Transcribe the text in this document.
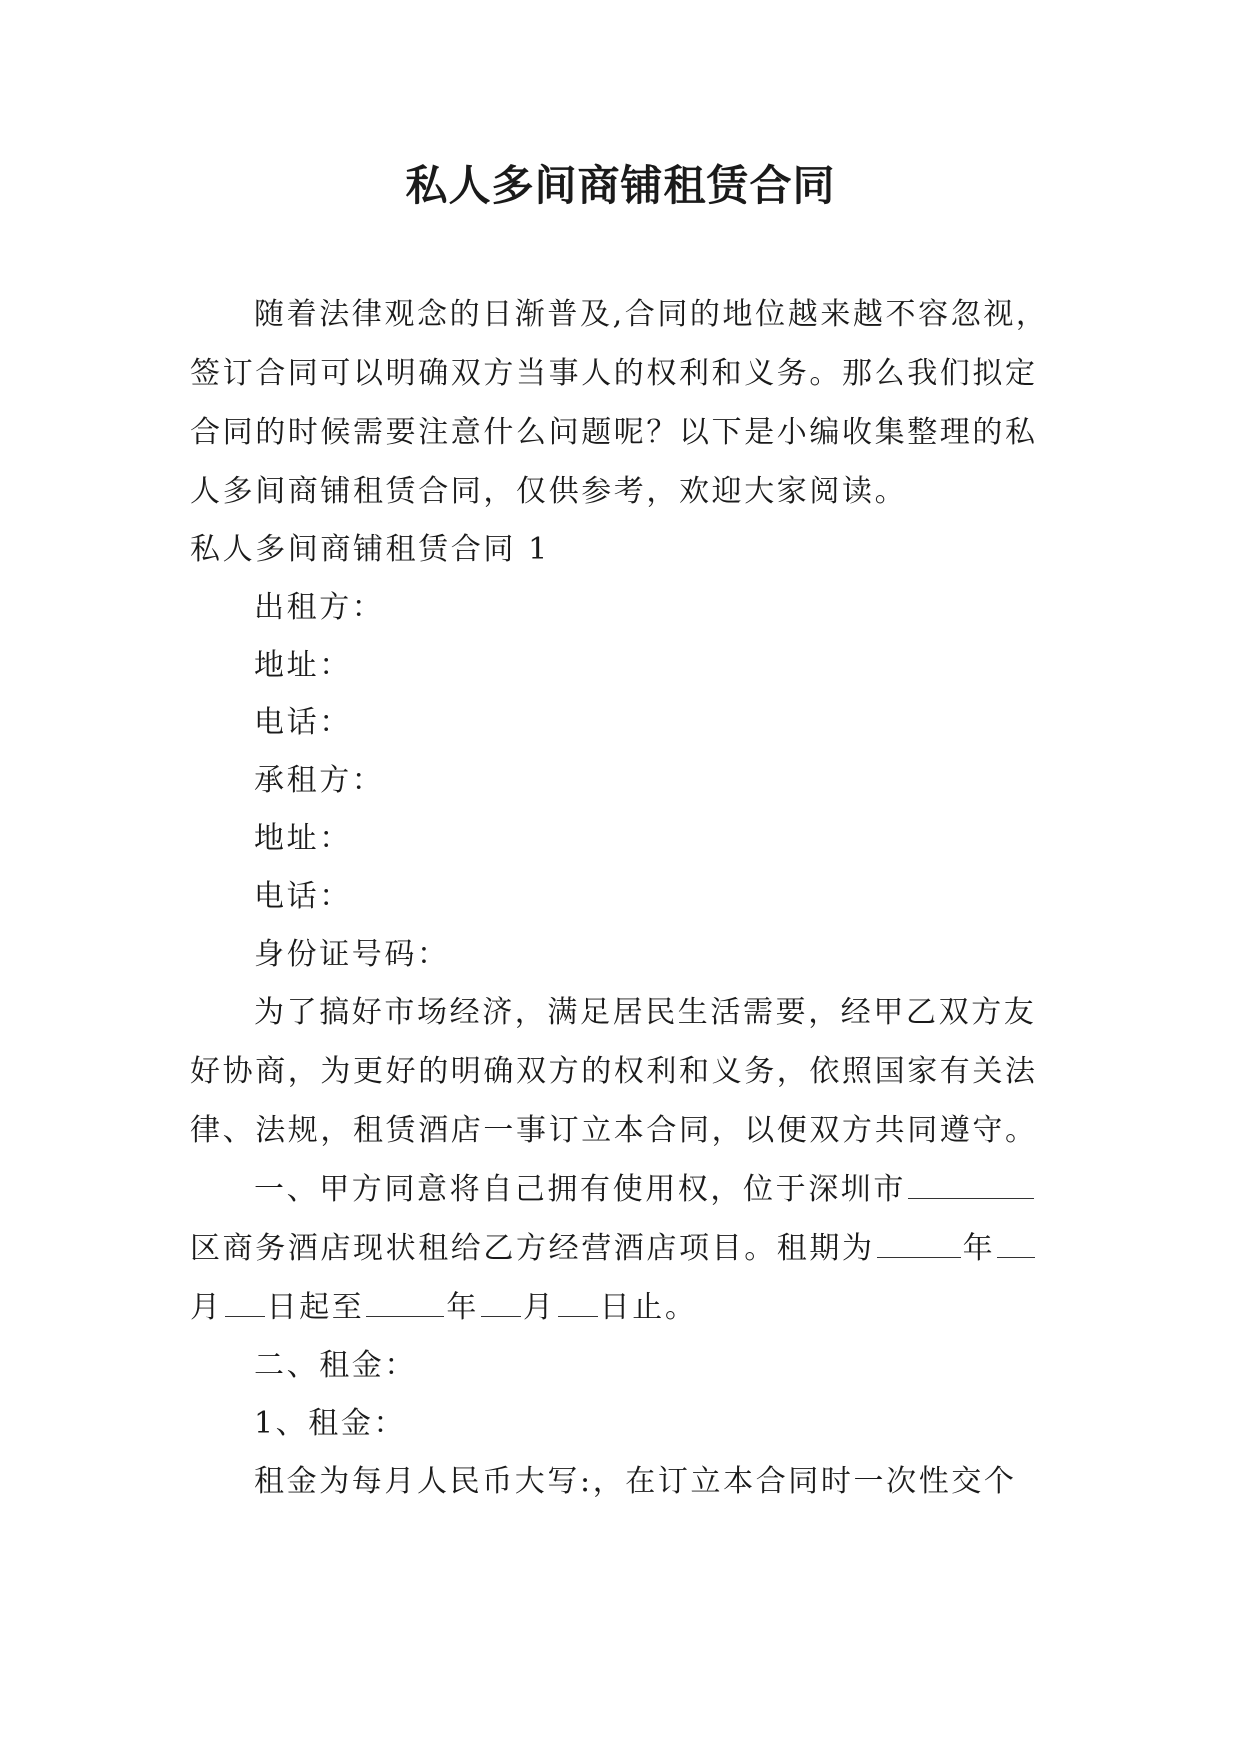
私人多间商铺租赁合同

随着法律观念的日渐普及,合同的地位越来越不容忽视，签订合同可以明确双方当事人的权利和义务。那么我们拟定合同的时候需要注意什么问题呢？以下是小编收集整理的私人多间商铺租赁合同，仅供参考，欢迎大家阅读。

私人多间商铺租赁合同 1

出租方：

地址：

电话：

承租方：

地址：

电话：

身份证号码：

为了搞好市场经济，满足居民生活需要，经甲乙双方友好协商，为更好的明确双方的权利和义务，依照国家有关法律、法规，租赁酒店一事订立本合同，以便双方共同遵守。

一、甲方同意将自己拥有使用权，位于深圳市区商务酒店现状租给乙方经营酒店项目。租期为	年月 日起至	年 月 日止。

二、租金：

1、租金：

租金为每月人民币大写:，在订立本合同时一次性交个
